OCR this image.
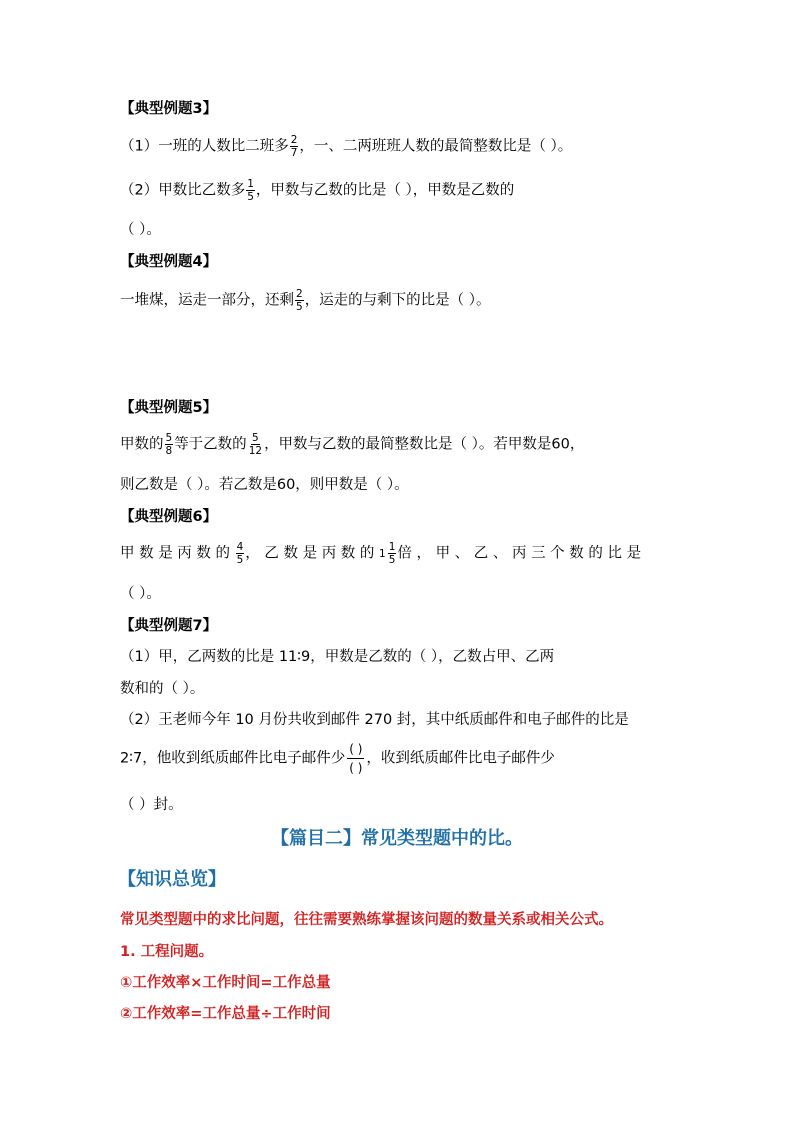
【典型例题3】
（1）一班的人数比二班多 $\frac{2}{7}$ ，一、二两班班人数的最简整数比是（ ）。
（2）甲数比乙数多 $\frac{1}{5}$ ，甲数与乙数的比是（ ），甲数是乙数的
（ ）。
【典型例题4】
一堆煤，运走一部分，还剩 $\frac{2}{5}$ ，运走的与剩下的比是（ ）。
【典型例题5】
甲数的 $\frac{5}{8}$ 等于乙数的 $\frac{5}{12}$ ，甲数与乙数的最简整数比是（ ）。若甲数是60，
则乙数是（ ）。若乙数是60，则甲数是（ ）。
【典型例题6】
甲数是丙数的 $\frac{4}{5}$ ，乙数是丙数的 $1 \frac{1}{5}$ 倍，甲、乙、丙三个数的比是
（ ）。
【典型例题7】
（1）甲，乙两数的比是 11∶9，甲数是乙数的（ ），乙数占甲、乙两
数和的（ ）。
（2）王老师今年 10 月份共收到邮件 270 封，其中纸质邮件和电子邮件的比是
2∶7，他收到纸质邮件比电子邮件少 $\frac{( )}{( )}$ ，收到纸质邮件比电子邮件少
（ ）封。
【篇目二】常见类型题中的比。
【知识总览】
常见类型题中的求比问题，往往需要熟练掌握该问题的数量关系或相关公式。
1. 工程问题。
①工作效率×工作时间=工作总量
②工作效率=工作总量÷工作时间
